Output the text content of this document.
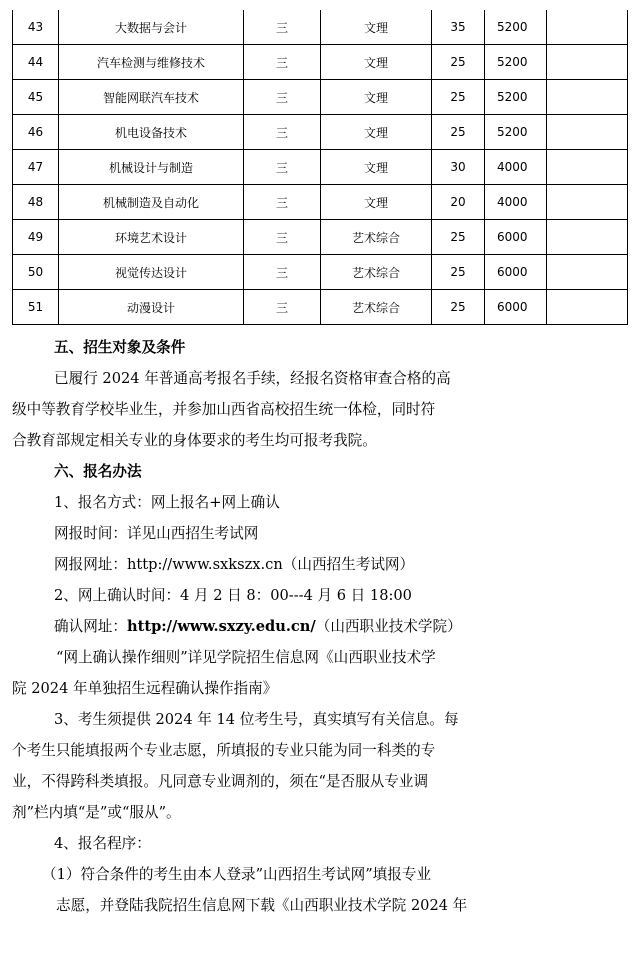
43	大数据与会计	三	文理	35	5200	
44	汽车检测与维修技术	三	文理	25	5200	
45	智能网联汽车技术	三	文理	25	5200	
46	机电设备技术	三	文理	25	5200	
47	机械设计与制造	三	文理	30	4000	
48	机械制造及自动化	三	文理	20	4000	
49	环境艺术设计	三	艺术综合	25	6000	
50	视觉传达设计	三	艺术综合	25	6000	
51	动漫设计	三	艺术综合	25	6000	
五、招生对象及条件
已履行 2024 年普通高考报名手续，经报名资格审查合格的高
级中等教育学校毕业生，并参加山西省高校招生统一体检，同时符
合教育部规定相关专业的身体要求的考生均可报考我院。
六、报名办法
1、报名方式：网上报名+网上确认
网报时间：详见山西招生考试网
网报网址：http://www.sxkszx.cn（山西招生考试网）
2、网上确认时间：4 月 2 日 8：00---4 月 6 日 18:00
确认网址：http://www.sxzy.edu.cn/（山西职业技术学院）
“网上确认操作细则”详见学院招生信息网《山西职业技术学
院 2024 年单独招生远程确认操作指南》
3、考生须提供 2024 年 14 位考生号，真实填写有关信息。每
个考生只能填报两个专业志愿，所填报的专业只能为同一科类的专
业，不得跨科类填报。凡同意专业调剂的，须在“是否服从专业调
剂”栏内填“是”或“服从”。
4、报名程序：
（1）符合条件的考生由本人登录”山西招生考试网”填报专业
志愿，并登陆我院招生信息网下载《山西职业技术学院 2024 年
